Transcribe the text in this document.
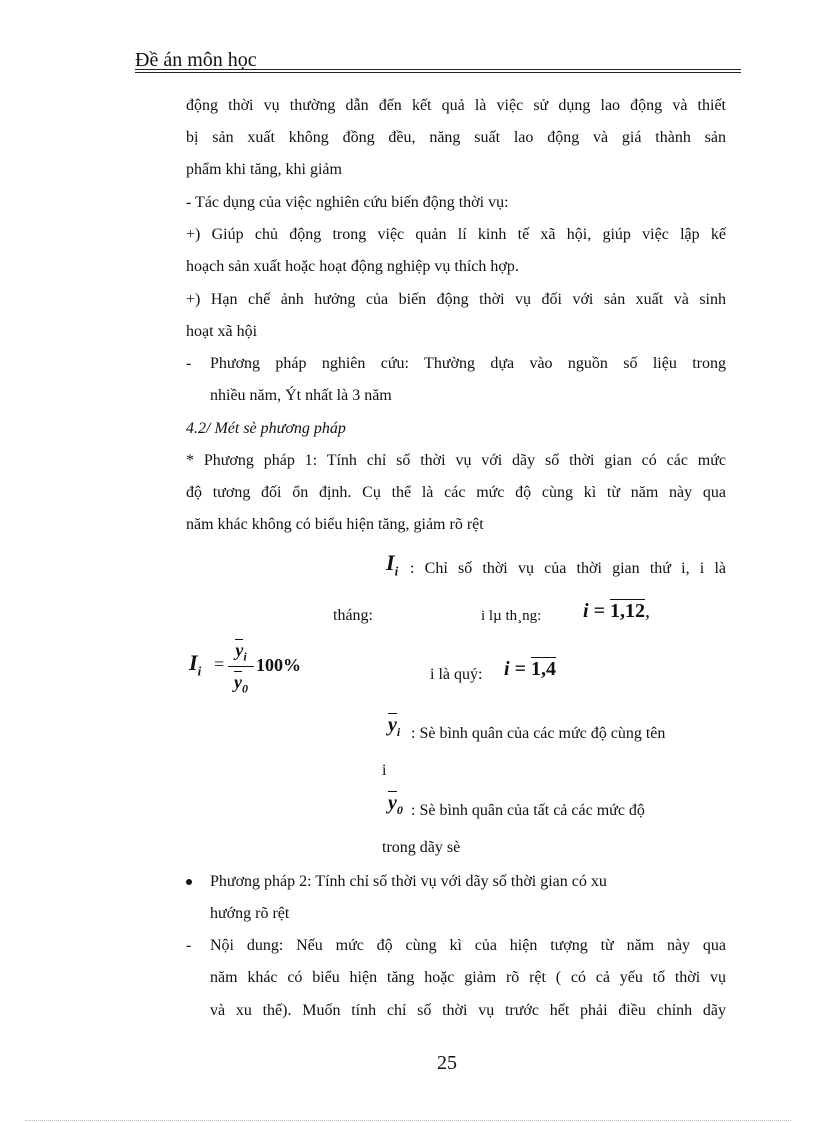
Đề án môn học
động thời vụ thường dẫn đến kết quả là việc sử dụng lao động và thiết
bị sản xuất không đồng đều, năng suất lao động và giá thành sản
phẩm khi tăng, khi giảm
- Tác dụng của việc nghiên cứu biến động thời vụ:
+) Giúp chủ động trong việc quản lí kinh tế xã hội, giúp việc lập kế
hoạch sản xuất hoặc hoạt động nghiệp vụ thích hợp.
+) Hạn chế ảnh hưởng của biến động thời vụ đối với sản xuất và sinh
hoạt xã hội
- Phương pháp nghiên cứu: Thường dựa vào nguồn số liệu trong
nhiều năm, Ýt nhất là 3 năm
4.2/ Mét sè phương pháp
* Phương pháp 1: Tính chỉ số thời vụ với dãy số thời gian có các mức
độ tương đối ổn định. Cụ thể là các mức độ cùng kì từ năm này qua
năm khác không có biểu hiện tăng, giảm rõ rệt
$I_i$ : Chỉ số thời vụ của thời gian thứ i, i là
tháng:	i lµ th¸ng: i = 1,12,
$I_i$ =
$y_i$
$y_0$
100%	i là quý: i = 1,4
$y_i$ : Sè bình quân của các mức độ cùng tên
i
$y_0$ : Sè bình quân của tất cả các mức độ
trong dãy sè
Phương pháp 2: Tính chỉ số thời vụ với dãy số thời gian có xu
hướng rõ rệt
- Nội dung: Nếu mức độ cùng kì của hiện tượng từ năm này qua
năm khác có biểu hiện tăng hoặc giảm rõ rệt ( có cả yếu tố thời vụ
và xu thế). Muốn tính chỉ số thời vụ trước hết phải điều chỉnh dãy
25
